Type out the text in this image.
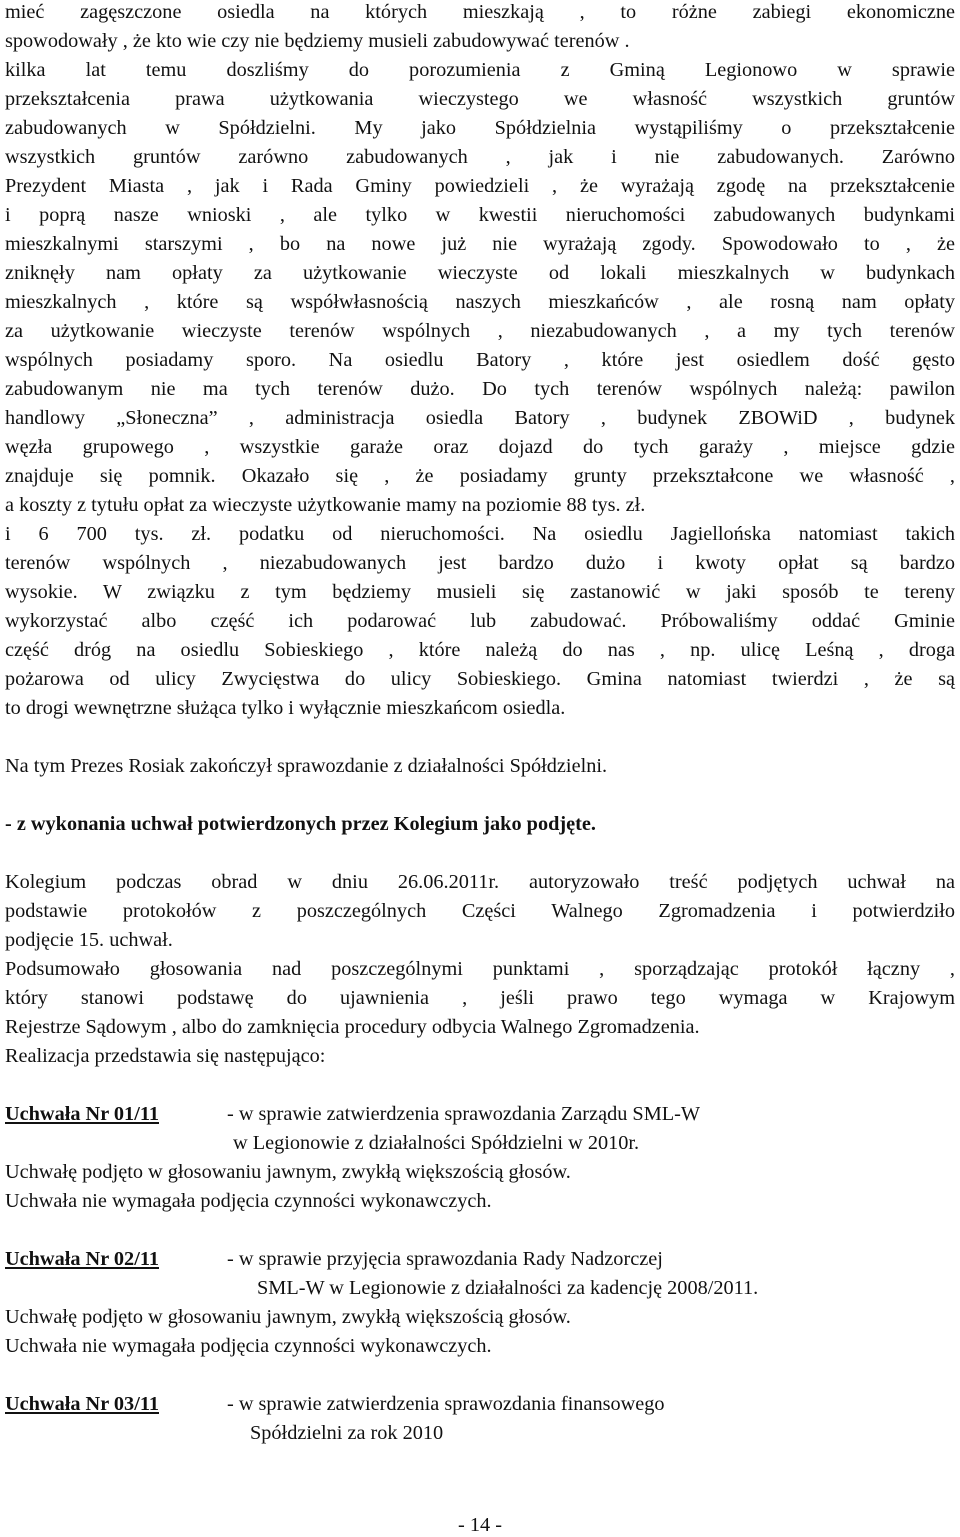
mieć zagęszczone osiedla na których mieszkają , to różne zabiegi ekonomiczne
spowodowały , że kto wie czy nie będziemy musieli zabudowywać terenów .
kilka lat temu doszliśmy do porozumienia z Gminą Legionowo w sprawie
przekształcenia prawa użytkowania wieczystego we własność wszystkich gruntów
zabudowanych w Spółdzielni. My jako Spółdzielnia wystąpiliśmy o przekształcenie
wszystkich gruntów zarówno zabudowanych , jak i nie zabudowanych. Zarówno
Prezydent Miasta , jak i Rada Gminy powiedzieli , że wyrażają zgodę na przekształcenie
i poprą nasze wnioski , ale tylko w kwestii nieruchomości zabudowanych budynkami
mieszkalnymi starszymi , bo na nowe już nie wyrażają zgody. Spowodowało to , że
zniknęły nam opłaty za użytkowanie wieczyste od lokali mieszkalnych w budynkach
mieszkalnych , które są współwłasnością naszych mieszkańców , ale rosną nam opłaty
za użytkowanie wieczyste terenów wspólnych , niezabudowanych , a my tych terenów
wspólnych posiadamy sporo. Na osiedlu Batory , które jest osiedlem dość gęsto
zabudowanym nie ma tych terenów dużo. Do tych terenów wspólnych należą: pawilon
handlowy „Słoneczna” , administracja osiedla Batory , budynek ZBOWiD , budynek
węzła grupowego , wszystkie garaże oraz dojazd do tych garaży , miejsce gdzie
znajduje się pomnik. Okazało się , że posiadamy grunty przekształcone we własność ,
a koszty z tytułu opłat za wieczyste użytkowanie mamy na poziomie 88 tys. zł.
i 6 700 tys. zł. podatku od nieruchomości. Na osiedlu Jagiellońska natomiast takich
terenów wspólnych , niezabudowanych jest bardzo dużo i kwoty opłat są bardzo
wysokie. W związku z tym będziemy musieli się zastanowić w jaki sposób te tereny
wykorzystać albo część ich podarować lub zabudować. Próbowaliśmy oddać Gminie
część dróg na osiedlu Sobieskiego , które należą do nas , np. ulicę Leśną , droga
pożarowa od ulicy Zwycięstwa do ulicy Sobieskiego. Gmina natomiast twierdzi , że są
to drogi wewnętrzne służąca tylko i wyłącznie mieszkańcom osiedla.

Na tym Prezes Rosiak zakończył sprawozdanie z działalności Spółdzielni.

- z wykonania uchwał potwierdzonych przez Kolegium jako podjęte.

Kolegium podczas obrad w dniu 26.06.2011r. autoryzowało treść podjętych uchwał na
podstawie protokołów z poszczególnych Części Walnego Zgromadzenia i potwierdziło
podjęcie 15. uchwał.
Podsumowało głosowania nad poszczególnymi punktami , sporządzając protokół łączny ,
który stanowi podstawę do ujawnienia , jeśli prawo tego wymaga w Krajowym
Rejestrze Sądowym , albo do zamknięcia procedury odbycia Walnego Zgromadzenia.

Realizacja przedstawia się następująco:

Uchwała Nr 01/11	- w sprawie zatwierdzenia sprawozdania Zarządu SML-W
w Legionowie z działalności Spółdzielni w 2010r.

Uchwałę podjęto w głosowaniu jawnym, zwykłą większością głosów.

Uchwała nie wymagała podjęcia czynności wykonawczych.

Uchwała Nr 02/11	- w sprawie przyjęcia sprawozdania Rady Nadzorczej
SML-W w Legionowie z działalności za kadencję 2008/2011.

Uchwałę podjęto w głosowaniu jawnym, zwykłą większością głosów.

Uchwała nie wymagała podjęcia czynności wykonawczych.

Uchwała Nr 03/11	- w sprawie zatwierdzenia sprawozdania finansowego
Spółdzielni za rok 2010
- 14 -
